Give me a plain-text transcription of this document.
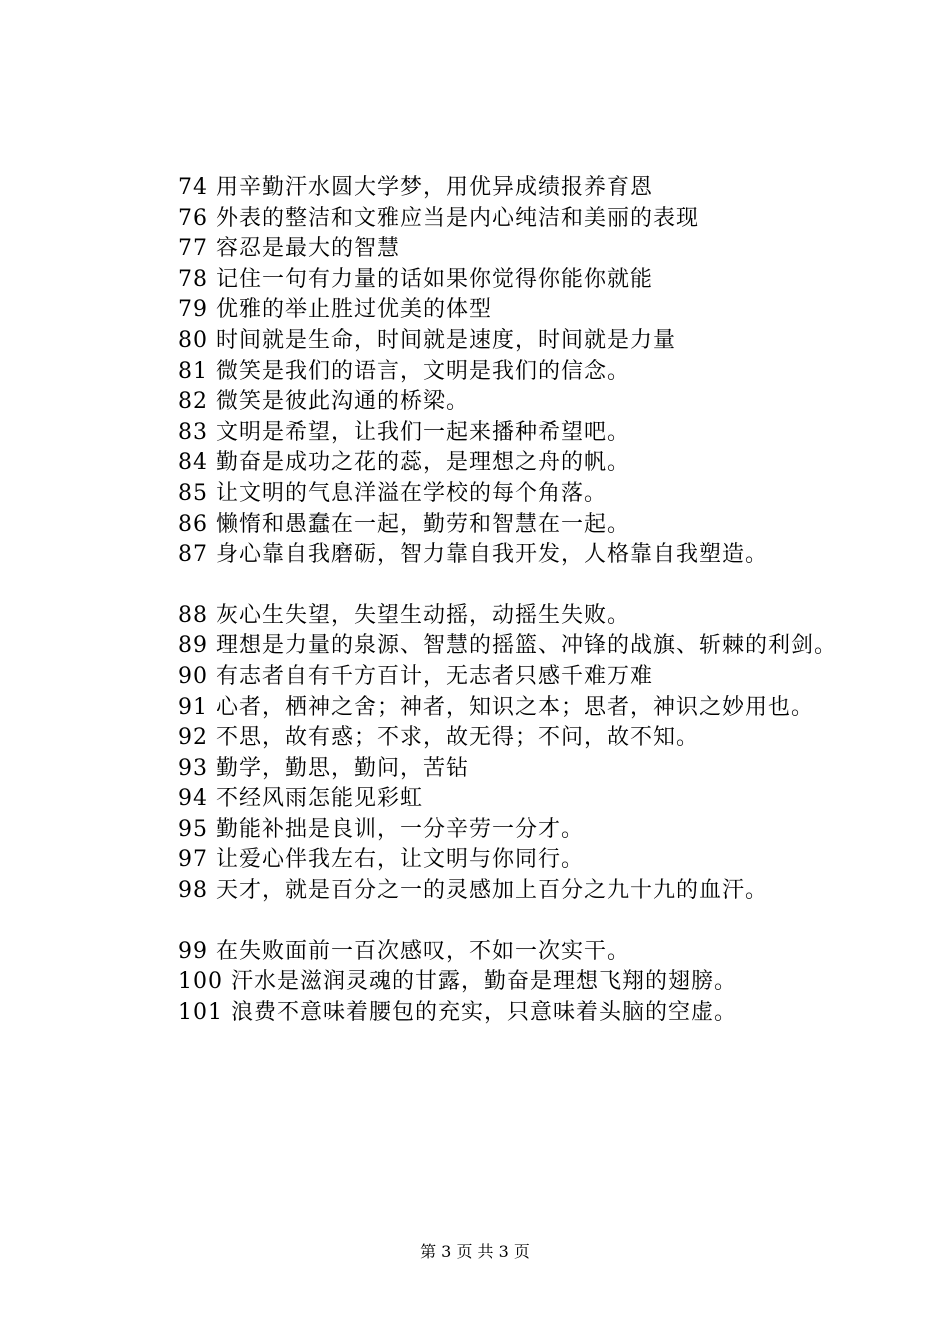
74 用辛勤汗水圆大学梦，用优异成绩报养育恩
76 外表的整洁和文雅应当是内心纯洁和美丽的表现
77 容忍是最大的智慧
78 记住一句有力量的话如果你觉得你能你就能
79 优雅的举止胜过优美的体型
80 时间就是生命，时间就是速度，时间就是力量
81 微笑是我们的语言，文明是我们的信念。
82 微笑是彼此沟通的桥梁。
83 文明是希望，让我们一起来播种希望吧。
84 勤奋是成功之花的蕊，是理想之舟的帆。
85 让文明的气息洋溢在学校的每个角落。
86 懒惰和愚蠢在一起，勤劳和智慧在一起。
87 身心靠自我磨砺，智力靠自我开发，人格靠自我塑造。
88 灰心生失望，失望生动摇，动摇生失败。
89 理想是力量的泉源、智慧的摇篮、冲锋的战旗、斩棘的利剑。
90 有志者自有千方百计，无志者只感千难万难
91 心者，栖神之舍；神者，知识之本；思者，神识之妙用也。
92 不思，故有惑；不求，故无得；不问，故不知。
93 勤学，勤思，勤问，苦钻
94 不经风雨怎能见彩虹
95 勤能补拙是良训，一分辛劳一分才。
97 让爱心伴我左右，让文明与你同行。
98 天才，就是百分之一的灵感加上百分之九十九的血汗。
99 在失败面前一百次感叹，不如一次实干。
100 汗水是滋润灵魂的甘露，勤奋是理想飞翔的翅膀。
101 浪费不意味着腰包的充实，只意味着头脑的空虚。
第 3 页 共 3 页
